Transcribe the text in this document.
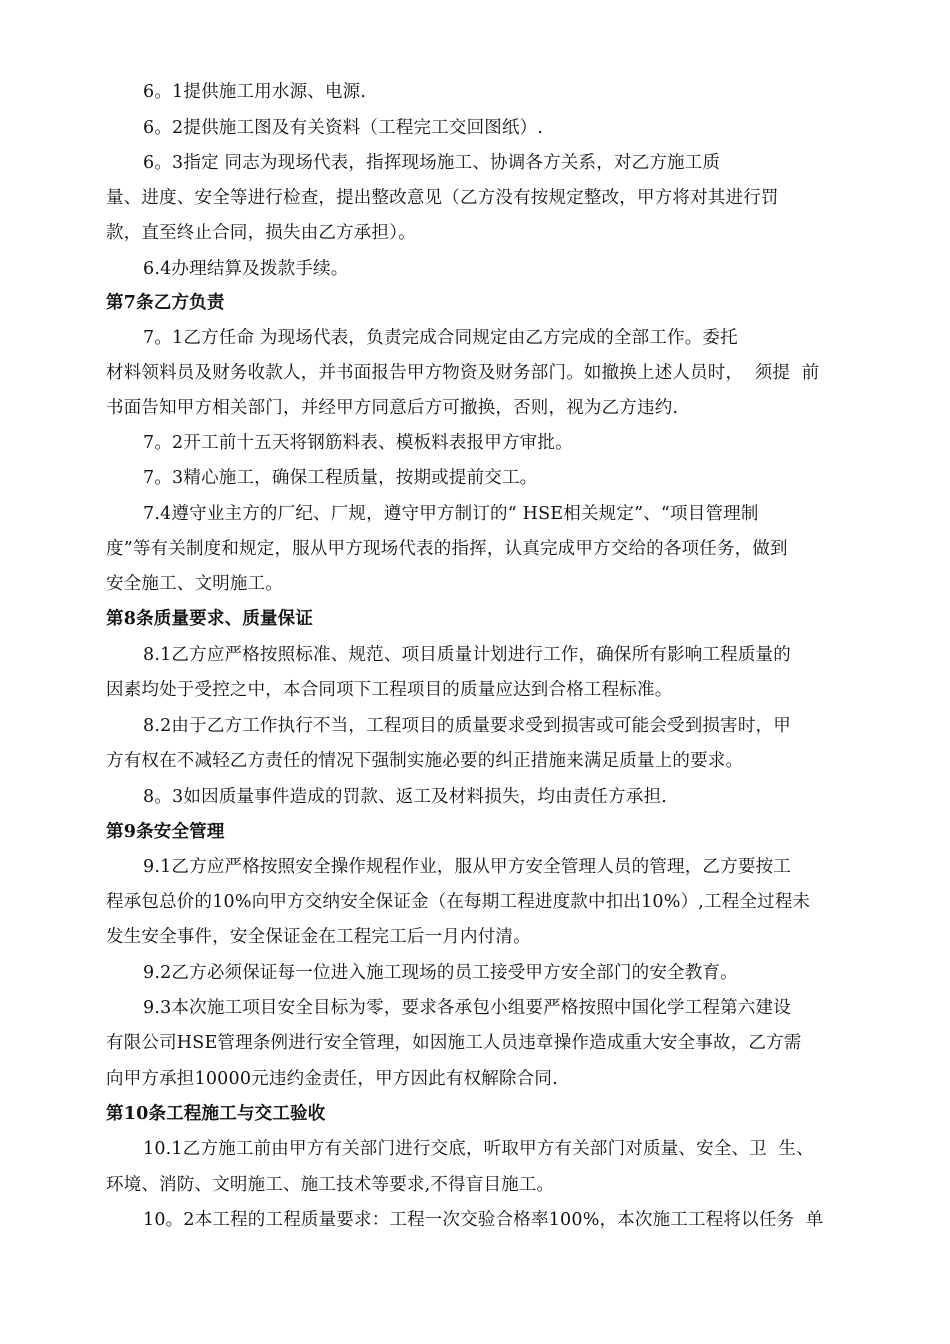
6。1提供施工用水源、电源.
6。2提供施工图及有关资料（工程完工交回图纸）.
6。3指定 同志为现场代表，指挥现场施工、协调各方关系，对乙方施工质
量、进度、安全等进行检查，提出整改意见（乙方没有按规定整改，甲方将对其进行罚
款，直至终止合同，损失由乙方承担）。
6.4办理结算及拨款手续。
第7条乙方负责
7。1乙方任命 为现场代表，负责完成合同规定由乙方完成的全部工作。委托
材料领料员及财务收款人，并书面报告甲方物资及财务部门。如撤换上述人员时，  须提  前
书面告知甲方相关部门，并经甲方同意后方可撤换，否则，视为乙方违约.
7。2开工前十五天将钢筋料表、模板料表报甲方审批。
7。3精心施工，确保工程质量，按期或提前交工。
7.4遵守业主方的厂纪、厂规，遵守甲方制订的“ HSE相关规定”、“项目管理制
度”等有关制度和规定，服从甲方现场代表的指挥，认真完成甲方交给的各项任务，做到
安全施工、文明施工。
第8条质量要求、质量保证
8.1乙方应严格按照标准、规范、项目质量计划进行工作，确保所有影响工程质量的
因素均处于受控之中，本合同项下工程项目的质量应达到合格工程标准。
8.2由于乙方工作执行不当，工程项目的质量要求受到损害或可能会受到损害时，甲
方有权在不减轻乙方责任的情况下强制实施必要的纠正措施来满足质量上的要求。
8。3如因质量事件造成的罚款、返工及材料损失，均由责任方承担.
第9条安全管理
9.1乙方应严格按照安全操作规程作业，服从甲方安全管理人员的管理，乙方要按工
程承包总价的10%向甲方交纳安全保证金（在每期工程进度款中扣出10%）,工程全过程未
发生安全事件，安全保证金在工程完工后一月内付清。
9.2乙方必须保证每一位进入施工现场的员工接受甲方安全部门的安全教育。
9.3本次施工项目安全目标为零，要求各承包小组要严格按照中国化学工程第六建设
有限公司HSE管理条例进行安全管理，如因施工人员违章操作造成重大安全事故，乙方需
向甲方承担10000元违约金责任，甲方因此有权解除合同.
第10条工程施工与交工验收
10.1乙方施工前由甲方有关部门进行交底，听取甲方有关部门对质量、安全、卫  生、
环境、消防、文明施工、施工技术等要求,不得盲目施工。
10。2本工程的工程质量要求：工程一次交验合格率100%，本次施工工程将以任务  单
